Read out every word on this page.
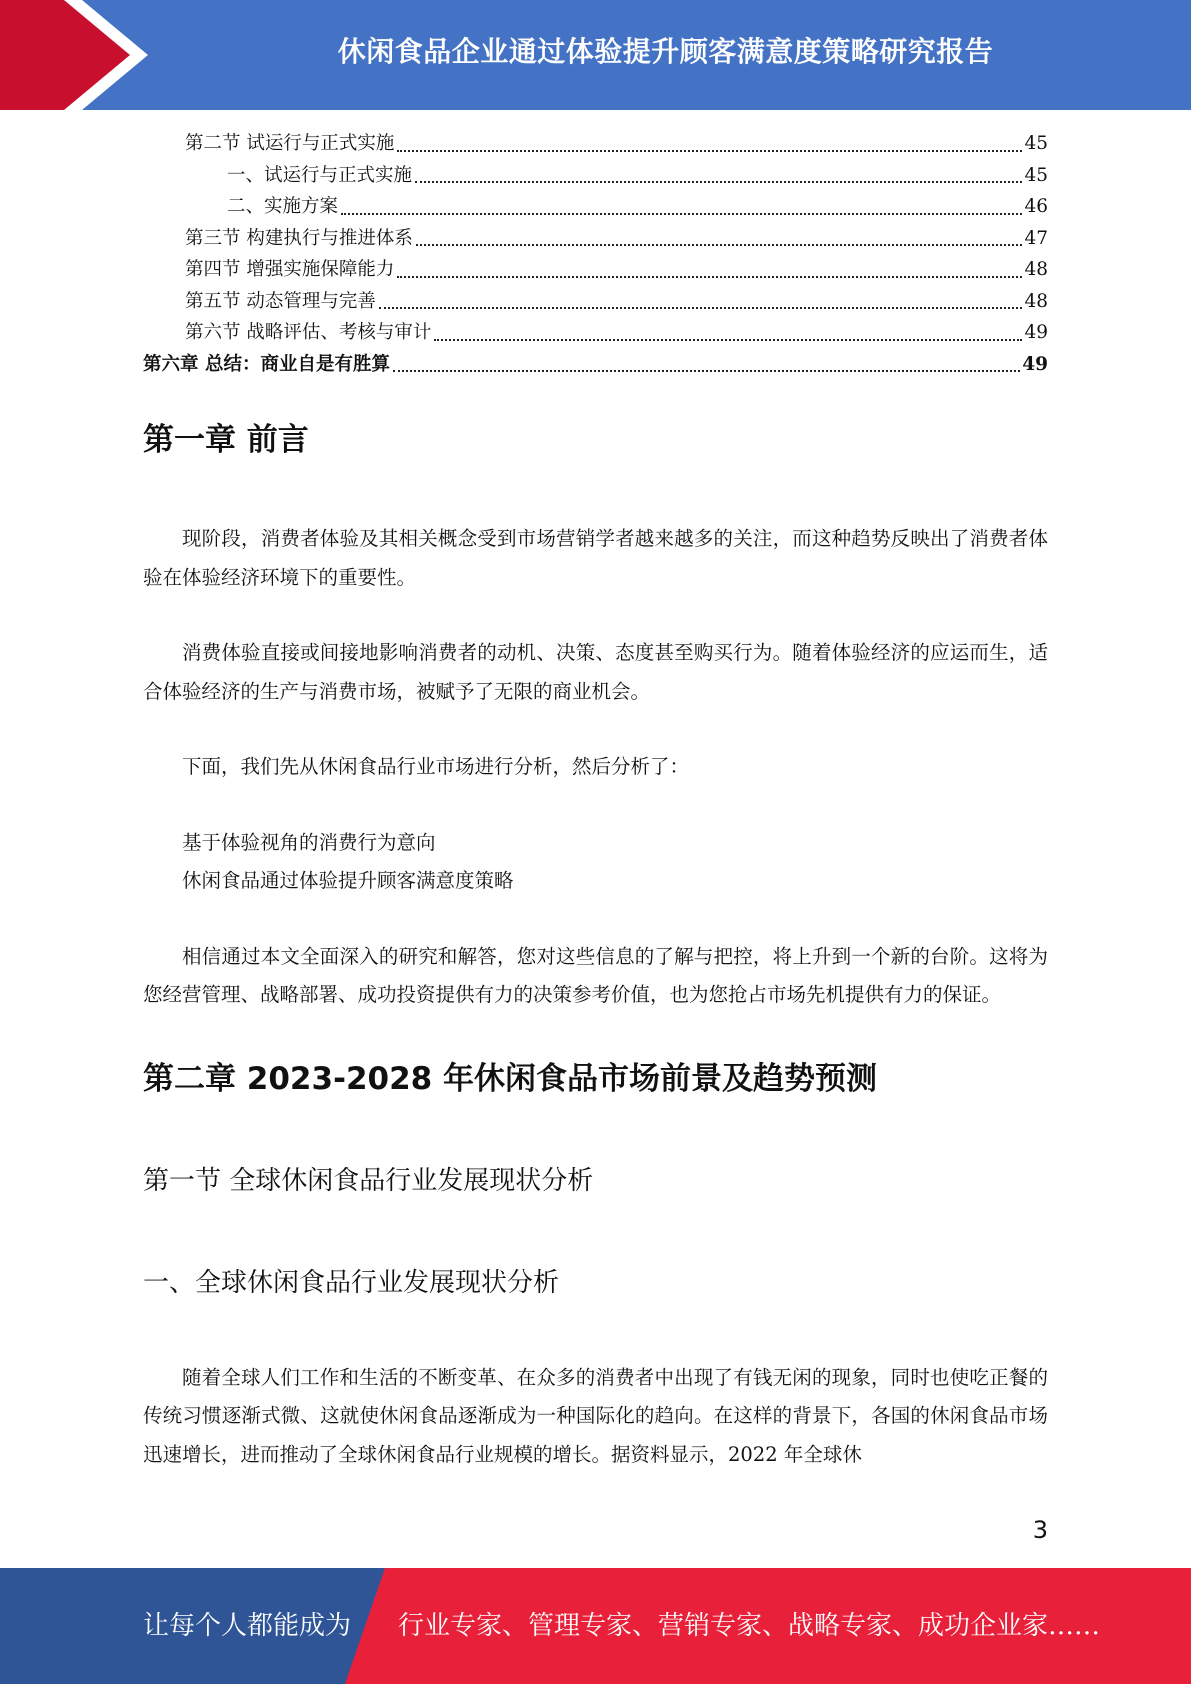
休闲食品企业通过体验提升顾客满意度策略研究报告
第二节 试运行与正式实施	45
一、试运行与正式实施	45
二、实施方案	46
第三节 构建执行与推进体系	47
第四节 增强实施保障能力	48
第五节 动态管理与完善	48
第六节 战略评估、考核与审计	49
第六章 总结：商业自是有胜算	49
第一章 前言

现阶段，消费者体验及其相关概念受到市场营销学者越来越多的关注，而这种趋势反映出了消费者体验在体验经济环境下的重要性。

消费体验直接或间接地影响消费者的动机、决策、态度甚至购买行为。随着体验经济的应运而生，适合体验经济的生产与消费市场，被赋予了无限的商业机会。

下面，我们先从休闲食品行业市场进行分析，然后分析了：

基于体验视角的消费行为意向
休闲食品通过体验提升顾客满意度策略

相信通过本文全面深入的研究和解答，您对这些信息的了解与把控，将上升到一个新的台阶。这将为您经营管理、战略部署、成功投资提供有力的决策参考价值，也为您抢占市场先机提供有力的保证。

第二章 2023-2028 年休闲食品市场前景及趋势预测
第一节 全球休闲食品行业发展现状分析
一、全球休闲食品行业发展现状分析

随着全球人们工作和生活的不断变革、在众多的消费者中出现了有钱无闲的现象，同时也使吃正餐的传统习惯逐渐式微、这就使休闲食品逐渐成为一种国际化的趋向。在这样的背景下，各国的休闲食品市场迅速增长，进而推动了全球休闲食品行业规模的增长。据资料显示，2022 年全球休

3
让每个人都能成为 行业专家、管理专家、营销专家、战略专家、成功企业家……
